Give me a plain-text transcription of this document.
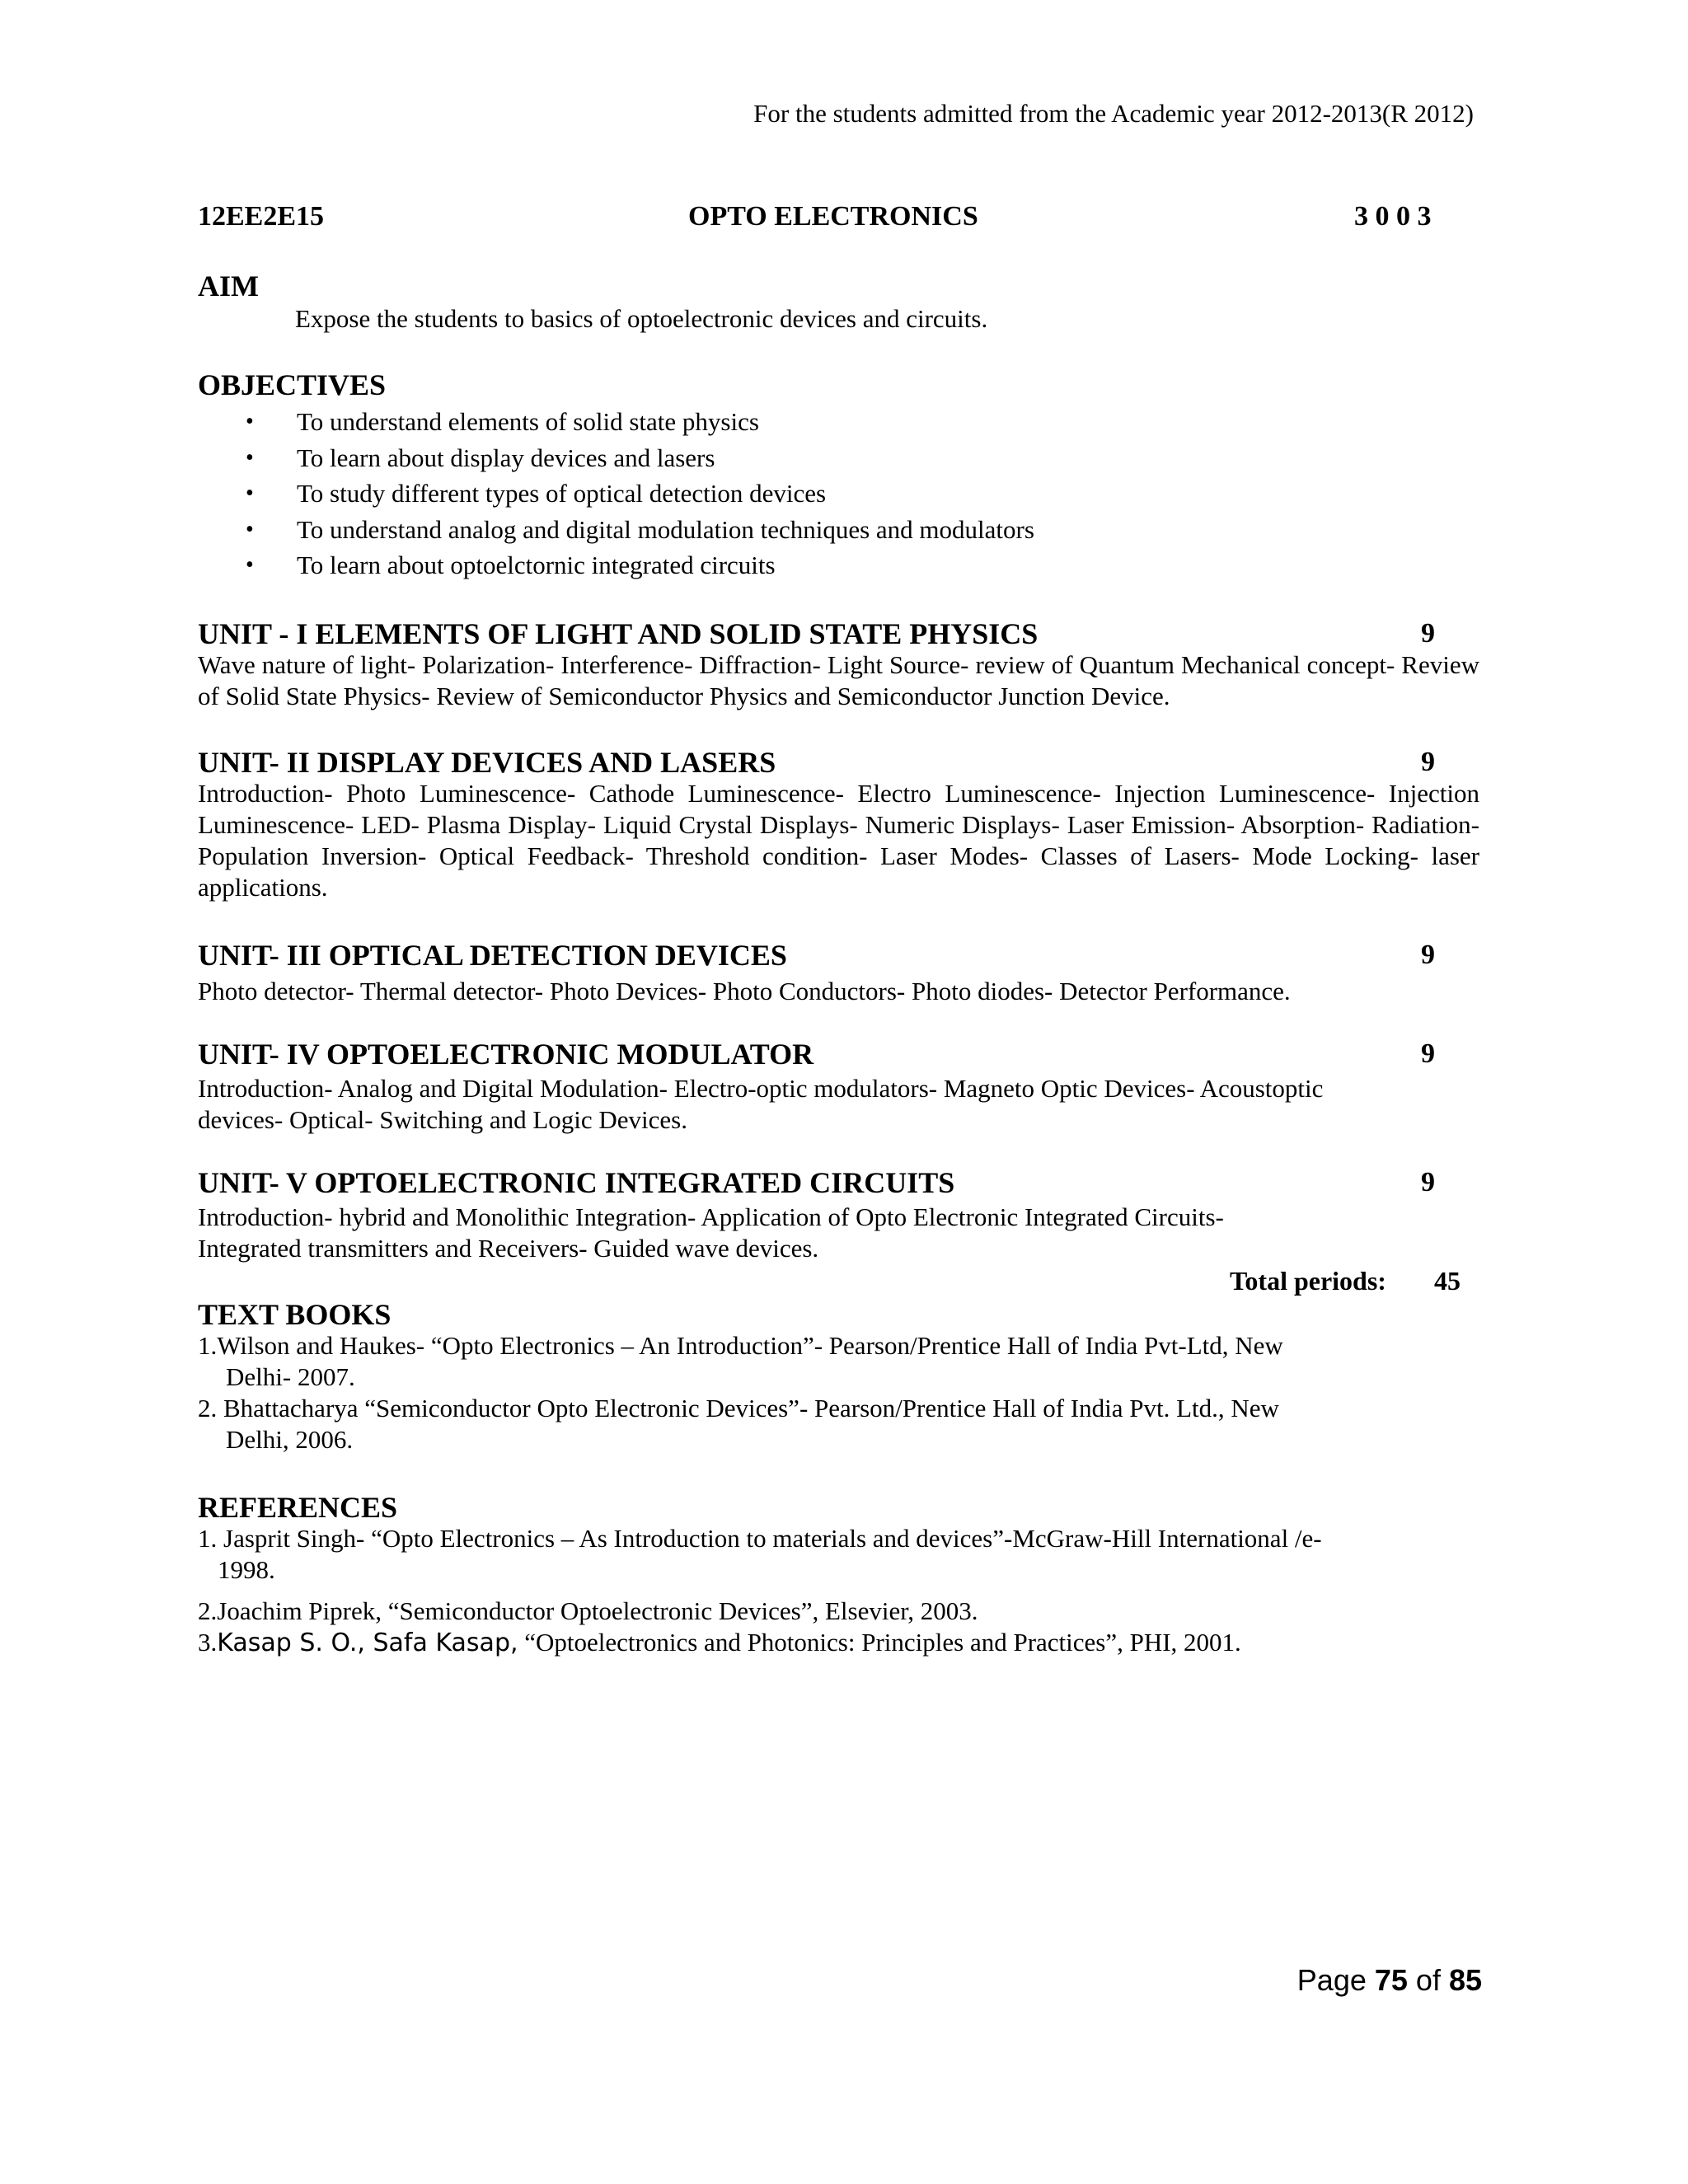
For the students admitted from the Academic year 2012-2013(R 2012)
12EE2E15	OPTO ELECTRONICS	3 0 0 3
AIM
Expose the students to basics of optoelectronic devices and circuits.
OBJECTIVES
• To understand elements of solid state physics
• To learn about display devices and lasers
• To study different types of optical detection devices
• To understand analog and digital modulation techniques and modulators
• To learn about optoelctornic integrated circuits
UNIT - I ELEMENTS OF LIGHT AND SOLID STATE PHYSICS	9
Wave nature of light- Polarization- Interference- Diffraction- Light Source- review of Quantum Mechanical concept- Review of Solid State Physics- Review of Semiconductor Physics and Semiconductor Junction Device.
UNIT- II DISPLAY DEVICES AND LASERS	9
Introduction- Photo Luminescence- Cathode Luminescence- Electro Luminescence- Injection Luminescence- Injection Luminescence- LED- Plasma Display- Liquid Crystal Displays- Numeric Displays- Laser Emission- Absorption- Radiation- Population Inversion- Optical Feedback- Threshold condition- Laser Modes- Classes of Lasers- Mode Locking- laser applications.
UNIT- III OPTICAL DETECTION DEVICES	9
Photo detector- Thermal detector- Photo Devices- Photo Conductors- Photo diodes- Detector Performance.
UNIT- IV OPTOELECTRONIC MODULATOR	9
Introduction- Analog and Digital Modulation- Electro-optic modulators- Magneto Optic Devices- Acoustoptic
devices- Optical- Switching and Logic Devices.
UNIT- V OPTOELECTRONIC INTEGRATED CIRCUITS	9
Introduction- hybrid and Monolithic Integration- Application of Opto Electronic Integrated Circuits-
Integrated transmitters and Receivers- Guided wave devices.
Total periods: 45
TEXT BOOKS
1.Wilson and Haukes- “Opto Electronics – An Introduction”- Pearson/Prentice Hall of India Pvt-Ltd, New
Delhi- 2007.
2. Bhattacharya “Semiconductor Opto Electronic Devices”- Pearson/Prentice Hall of India Pvt. Ltd., New
Delhi, 2006.
REFERENCES
1. Jasprit Singh- “Opto Electronics – As Introduction to materials and devices”-McGraw-Hill International /e-
1998.
2.Joachim Piprek, “Semiconductor Optoelectronic Devices”, Elsevier, 2003.
3.Kasap S. O., Safa Kasap, “Optoelectronics and Photonics: Principles and Practices”, PHI, 2001.
Page 75 of 85
